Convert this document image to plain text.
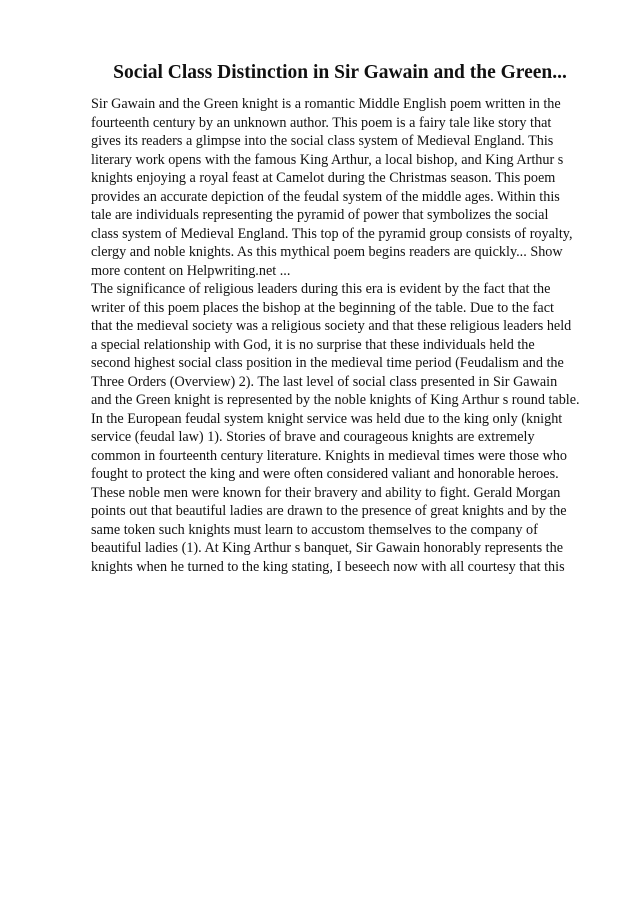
Social Class Distinction in Sir Gawain and the Green...
Sir Gawain and the Green knight is a romantic Middle English poem written in the
fourteenth century by an unknown author. This poem is a fairy tale like story that
gives its readers a glimpse into the social class system of Medieval England. This
literary work opens with the famous King Arthur, a local bishop, and King Arthur s
knights enjoying a royal feast at Camelot during the Christmas season. This poem
provides an accurate depiction of the feudal system of the middle ages. Within this
tale are individuals representing the pyramid of power that symbolizes the social
class system of Medieval England. This top of the pyramid group consists of royalty,
clergy and noble knights. As this mythical poem begins readers are quickly... Show
more content on Helpwriting.net ...
The significance of religious leaders during this era is evident by the fact that the
writer of this poem places the bishop at the beginning of the table. Due to the fact
that the medieval society was a religious society and that these religious leaders held
a special relationship with God, it is no surprise that these individuals held the
second highest social class position in the medieval time period (Feudalism and the
Three Orders (Overview) 2). The last level of social class presented in Sir Gawain
and the Green knight is represented by the noble knights of King Arthur s round table.
In the European feudal system knight service was held due to the king only (knight
service (feudal law) 1). Stories of brave and courageous knights are extremely
common in fourteenth century literature. Knights in medieval times were those who
fought to protect the king and were often considered valiant and honorable heroes.
These noble men were known for their bravery and ability to fight. Gerald Morgan
points out that beautiful ladies are drawn to the presence of great knights and by the
same token such knights must learn to accustom themselves to the company of
beautiful ladies (1). At King Arthur s banquet, Sir Gawain honorably represents the
knights when he turned to the king stating, I beseech now with all courtesy that this
